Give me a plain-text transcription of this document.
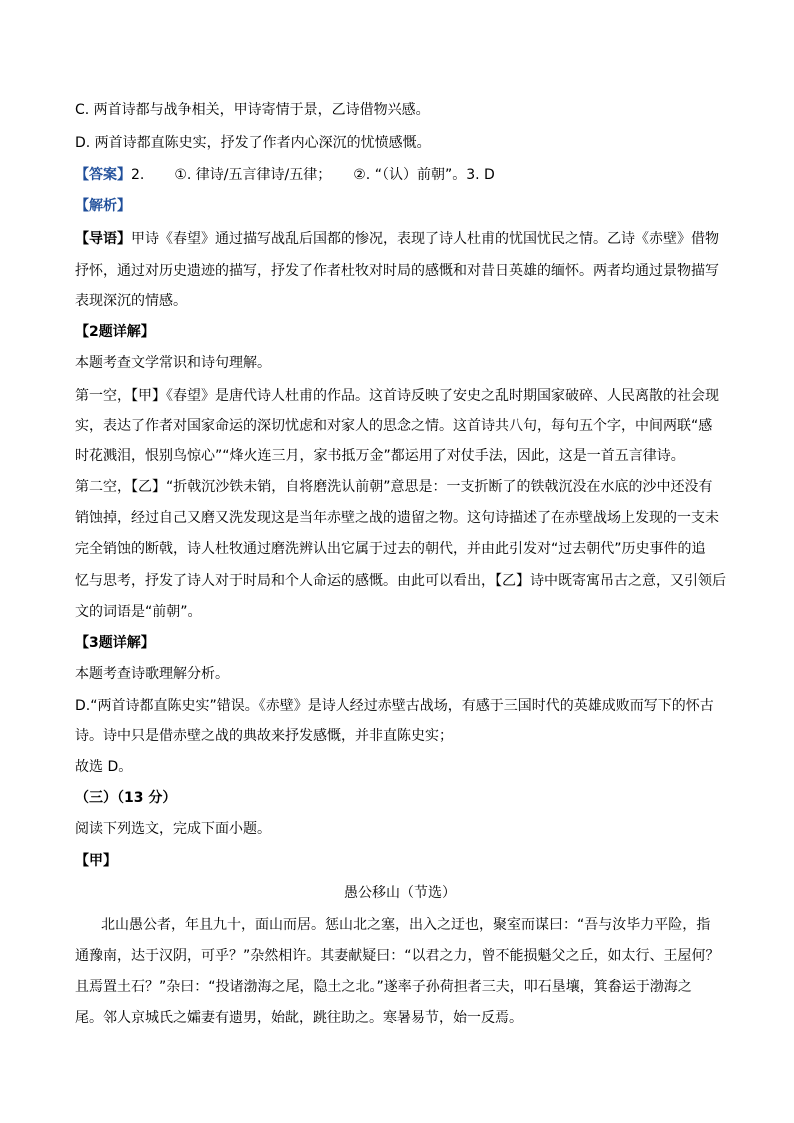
C. 两首诗都与战争相关，甲诗寄情于景，乙诗借物兴感。
D. 两首诗都直陈史实，抒发了作者内心深沉的忧愤感慨。
【答案】2. ①. 律诗/五言律诗/五律； ②. “（认）前朝”。3. D
【解析】
【导语】甲诗《春望》通过描写战乱后国都的惨况，表现了诗人杜甫的忧国忧民之情。乙诗《赤壁》借物
抒怀，通过对历史遗迹的描写，抒发了作者杜牧对时局的感慨和对昔日英雄的缅怀。两者均通过景物描写
表现深沉的情感。
【2题详解】
本题考查文学常识和诗句理解。
第一空，【甲】《春望》是唐代诗人杜甫的作品。这首诗反映了安史之乱时期国家破碎、人民离散的社会现
实，表达了作者对国家命运的深切忧虑和对家人的思念之情。这首诗共八句，每句五个字，中间两联“感
时花溅泪，恨别鸟惊心”“烽火连三月，家书抵万金”都运用了对仗手法，因此，这是一首五言律诗。
第二空，【乙】“折戟沉沙铁未销，自将磨洗认前朝”意思是：一支折断了的铁戟沉没在水底的沙中还没有
销蚀掉，经过自己又磨又洗发现这是当年赤壁之战的遗留之物。这句诗描述了在赤壁战场上发现的一支未
完全销蚀的断戟，诗人杜牧通过磨洗辨认出它属于过去的朝代，并由此引发对“过去朝代”历史事件的追
忆与思考，抒发了诗人对于时局和个人命运的感慨。由此可以看出，【乙】诗中既寄寓吊古之意，又引领后
文的词语是“前朝”。
【3题详解】
本题考查诗歌理解分析。
D.“两首诗都直陈史实”错误。《赤壁》是诗人经过赤壁古战场，有感于三国时代的英雄成败而写下的怀古
诗。诗中只是借赤壁之战的典故来抒发感慨，并非直陈史实；
故选 D。
（三）（13 分）
阅读下列选文，完成下面小题。
【甲】
愚公移山（节选）
北山愚公者，年且九十，面山而居。惩山北之塞，出入之迂也，聚室而谋曰：“吾与汝毕力平险，指
通豫南，达于汉阴，可乎？”杂然相许。其妻献疑曰：“以君之力，曾不能损魁父之丘，如太行、王屋何？
且焉置土石？”杂曰：“投诸渤海之尾，隐土之北。”遂率子孙荷担者三夫，叩石垦壤，箕畚运于渤海之
尾。邻人京城氏之孀妻有遗男，始龀，跳往助之。寒暑易节，始一反焉。
